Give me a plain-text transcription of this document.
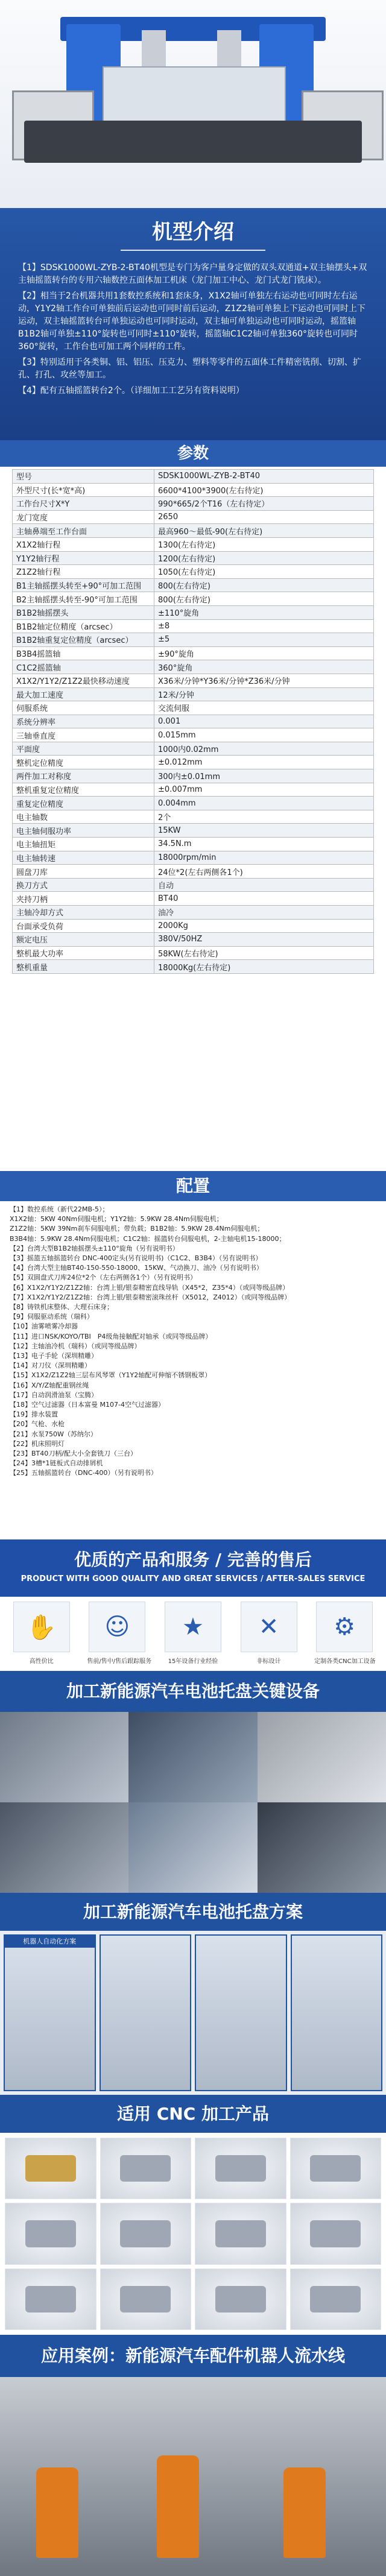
机型介绍

【1】SDSK1000WL-ZYB-2-BT40机型是专门为客户量身定做的双头双通道+双主轴摆头+双主轴摇篮转台的专用六轴数控五面体加工机床（龙门加工中心、龙门式龙门铣床）。

【2】相当于2台机器共用1套数控系统和1套床身，X1X2轴可单独左右运动也可同时左右运动，Y1Y2轴工作台可单独前后运动也可同时前后运动，Z1Z2轴可单独上下运动也可同时上下运动，双主轴摇篮转台可单独运动也可同时运动，双主轴可单独运动也可同时运动，摇篮轴B1B2轴可单独±110°旋转也可同时±110°旋转，摇篮轴C1C2轴可单独360°旋转也可同时360°旋转，工作台也可加工两个同样的工件。

【3】特别适用于各类铜、铝、铝压、压克力、塑料等零件的五面体工件精密铣削、切割、扩孔、打孔、攻丝等加工。

【4】配有五轴摇篮转台2个。（详细加工工艺另有资料说明）

参数
型号	SDSK1000WL-ZYB-2-BT40
外型尺寸(长*宽*高)	6600*4100*3900(左右待定)
工作台尺寸X*Y	990*665/2个T16（左右待定）
龙门宽度	2650
主轴鼻端至工作台面	最高960～最低-90(左右待定)
X1X2轴行程	1300(左右待定)
Y1Y2轴行程	1200(左右待定)
Z1Z2轴行程	1050(左右待定)
B1主轴摇摆头转至+90°可加工范围	800(左右待定)
B2主轴摇摆头转至-90°可加工范围	800(左右待定)
B1B2轴摇摆头	±110°旋角
B1B2轴定位精度（arcsec）	±8
B1B2轴重复定位精度（arcsec）	±5
B3B4摇篮轴	±90°旋角
C1C2摇篮轴	360°旋角
X1X2/Y1Y2/Z1Z2最快移动速度	X36米/分钟*Y36米/分钟*Z36米/分钟
最大加工速度	12米/分钟
伺服系统	交流伺服
系统分辨率	0.001
三轴垂直度	0.015mm
平面度	1000内0.02mm
整机定位精度	±0.012mm
两件加工对称度	300内±0.01mm
整机重复定位精度	±0.007mm
重复定位精度	0.004mm
电主轴数	2个
电主轴伺服功率	15KW
电主轴扭矩	34.5N.m
电主轴转速	18000rpm/min
圆盘刀库	24位*2(左右两侧各1个)
换刀方式	自动
夹持刀柄	BT40
主轴冷却方式	油冷
台面承受负荷	2000Kg
额定电压	380V/50HZ
整机最大功率	58KW(左右待定)
整机重量	18000Kg(左右待定)
配置
【1】数控系统（新代22MB-5）；
X1X2轴：5KW 40Nm伺服电机；Y1Y2轴：5.9KW 28.4Nm伺服电机；
Z1Z2轴：5KW 39Nm刹车伺服电机；带负载；B1B2轴：5.9KW 28.4Nm伺服电机；
B3B4轴：5.9KW 28.4Nm伺服电机；C1C2轴：摇篮转台伺服电机，2-主轴电机15-18000；
【2】台湾大型B1B2轴摇摆头±110°旋角（另有说明书）
【3】摇篮五轴摇篮转台 DNC-400定头(另有说明书)（C1C2、B3B4）（另有说明书）
【4】台湾大型主轴BT40-150-550-18000、15KW、气动换刀、油冷（另有说明书）
【5】双圆盘式刀库24位*2个（左右两侧各1个）（另有说明书）
【6】X1X2/Y1Y2/Z1Z2轴：台湾上银/银泰精密直线导轨（X45*2，Z35*4）（或同等级品牌）
【7】X1X2/Y1Y2/Z1Z2轴：台湾上银/银泰精密滚珠丝杆（X5012，Z4012）（或同等级品牌）
【8】铸铁机床整体、大理石床身；
【9】伺服驱动系统（瑞科）
【10】油雾喷雾冷却器
【11】进口NSK/KOYO/TBI　P4级角接触配对轴承（或同等级品牌）
【12】主轴油冷机（瑞科）（或同等级品牌）
【13】电子手轮（深圳精雕）
【14】对刀仪（深圳精雕）
【15】X1X2/Z1Z2轴三层布风琴罩（Y1Y2轴配可伸缩不锈钢板罩）
【16】X/Y/Z轴配重钢丝绳
【17】自动润滑油泵（宝腾）
【18】空气过滤器（日本富曼 M107-4空气过滤器）
【19】排水装置
【20】气枪、水枪
【21】水泵750W（苏纳尔）
【22】机床照明灯
【23】BT40刀柄/配大小全套铣刀（三台）
【24】3槽*1链板式自动排屑机
【25】五轴摇篮转台（DNC-400）（另有说明书）
优质的产品和服务 / 完善的售后
PRODUCT WITH GOOD QUALITY AND GREAT SERVICES / AFTER-SALES SERVICE
✋
高性价比
☺
售前/售中/售后跟踪服务
★
15年设备行业经验
✕
非标设计
⚙
定制各类CNC加工设备
加工新能源汽车电池托盘关键设备
加工新能源汽车电池托盘方案
机器人自动化方案
适用 CNC 加工产品
应用案例：新能源汽车配件机器人流水线
